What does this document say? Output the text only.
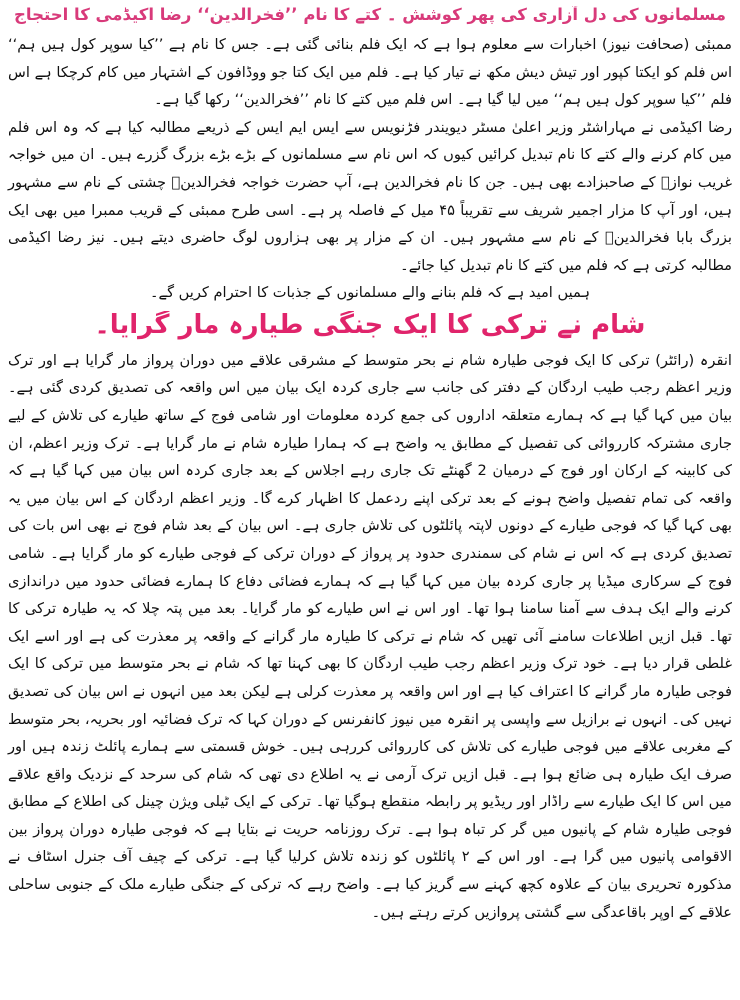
مسلمانوں کی دل آزاری کی پھر کوشش ۔ کتے کا نام ’’فخرالدین‘‘ رضا اکیڈمی کا احتجاج

ممبئی (صحافت نیوز) اخبارات سے معلوم ہوا ہے کہ ایک فلم بنائی گئی ہے۔ جس کا نام ہے ’’کیا سوپر کول ہیں ہم‘‘ اس فلم کو ایکتا کپور اور تیش دیش مکھ نے تیار کیا ہے۔ فلم میں ایک کتا جو ووڈافون کے اشتہار میں کام کرچکا ہے اس فلم ’’کیا سوپر کول ہیں ہم‘‘ میں لیا گیا ہے۔ اس فلم میں کتے کا نام ’’فخرالدین‘‘ رکھا گیا ہے۔

رضا اکیڈمی نے مہاراشٹر وزیر اعلیٰ مسٹر دیویندر فڑنویس سے ایس ایم ایس کے ذریعے مطالبہ کیا ہے کہ وہ اس فلم میں کام کرنے والے کتے کا نام تبدیل کرائیں کیوں کہ اس نام سے مسلمانوں کے بڑے بڑے بزرگ گزرے ہیں۔ ان میں خواجہ غریب نوازؒ کے صاحبزادے بھی ہیں۔ جن کا نام فخرالدین ہے، آپ حضرت خواجہ فخرالدینؒ چشتی کے نام سے مشہور ہیں، اور آپ کا مزار اجمیر شریف سے تقریباً ۴۵ میل کے فاصلہ پر ہے۔ اسی طرح ممبئی کے قریب ممبرا میں بھی ایک بزرگ بابا فخرالدینؒ کے نام سے مشہور ہیں۔ ان کے مزار پر بھی ہزاروں لوگ حاضری دیتے ہیں۔ نیز رضا اکیڈمی مطالبہ کرتی ہے کہ فلم میں کتے کا نام تبدیل کیا جائے۔

ہمیں امید ہے کہ فلم بنانے والے مسلمانوں کے جذبات کا احترام کریں گے۔

شام نے ترکی کا ایک جنگی طیارہ مار گرایا۔

انقرہ (رائٹر) ترکی کا ایک فوجی طیارہ شام نے بحر متوسط کے مشرقی علاقے میں دوران پرواز مار گرایا ہے اور ترک وزیر اعظم رجب طیب اردگان کے دفتر کی جانب سے جاری کردہ ایک بیان میں اس واقعہ کی تصدیق کردی گئی ہے۔ بیان میں کہا گیا ہے کہ ہمارے متعلقہ اداروں کی جمع کردہ معلومات اور شامی فوج کے ساتھ طیارے کی تلاش کے لیے جاری مشترکہ کارروائی کی تفصیل کے مطابق یہ واضح ہے کہ ہمارا طیارہ شام نے مار گرایا ہے۔ ترک وزیر اعظم، ان کی کابینہ کے ارکان اور فوج کے درمیان 2 گھنٹے تک جاری رہے اجلاس کے بعد جاری کردہ اس بیان میں کہا گیا ہے کہ واقعہ کی تمام تفصیل واضح ہونے کے بعد ترکی اپنے ردعمل کا اظہار کرے گا۔ وزیر اعظم اردگان کے اس بیان میں یہ بھی کہا گیا کہ فوجی طیارے کے دونوں لاپتہ پائلٹوں کی تلاش جاری ہے۔ اس بیان کے بعد شام فوج نے بھی اس بات کی تصدیق کردی ہے کہ اس نے شام کی سمندری حدود پر پرواز کے دوران ترکی کے فوجی طیارے کو مار گرایا ہے۔ شامی فوج کے سرکاری میڈیا پر جاری کردہ بیان میں کہا گیا ہے کہ ہمارے فضائی دفاع کا ہمارے فضائی حدود میں دراندازی کرنے والے ایک ہدف سے آمنا سامنا ہوا تھا۔ اور اس نے اس طیارے کو مار گرایا۔ بعد میں پتہ چلا کہ یہ طیارہ ترکی کا تھا۔ قبل ازیں اطلاعات سامنے آئی تھیں کہ شام نے ترکی کا طیارہ مار گرانے کے واقعہ پر معذرت کی ہے اور اسے ایک غلطی قرار دیا ہے۔ خود ترک وزیر اعظم رجب طیب اردگان کا بھی کہنا تھا کہ شام نے بحر متوسط میں ترکی کا ایک فوجی طیارہ مار گرانے کا اعتراف کیا ہے اور اس واقعہ پر معذرت کرلی ہے لیکن بعد میں انہوں نے اس بیان کی تصدیق نہیں کی۔ انہوں نے برازیل سے واپسی پر انقرہ میں نیوز کانفرنس کے دوران کہا کہ ترک فضائیہ اور بحریہ، بحر متوسط کے مغربی علاقے میں فوجی طیارے کی تلاش کی کارروائی کررہی ہیں۔ خوش قسمتی سے ہمارے پائلٹ زندہ ہیں اور صرف ایک طیارہ ہی ضائع ہوا ہے۔ قبل ازیں ترک آرمی نے یہ اطلاع دی تھی کہ شام کی سرحد کے نزدیک واقع علاقے میں اس کا ایک طیارے سے راڈار اور ریڈیو پر رابطہ منقطع ہوگیا تھا۔ ترکی کے ایک ٹیلی ویژن چینل کی اطلاع کے مطابق فوجی طیارہ شام کے پانیوں میں گر کر تباہ ہوا ہے۔ ترک روزنامہ حریت نے بتایا ہے کہ فوجی طیارہ دوران پرواز بین الاقوامی پانیوں میں گرا ہے۔ اور اس کے ۲ پائلٹوں کو زندہ تلاش کرلیا گیا ہے۔ ترکی کے چیف آف جنرل اسٹاف نے مذکورہ تحریری بیان کے علاوہ کچھ کہنے سے گریز کیا ہے۔ واضح رہے کہ ترکی کے جنگی طیارے ملک کے جنوبی ساحلی علاقے کے اوپر باقاعدگی سے گشتی پروازیں کرتے رہتے ہیں۔
